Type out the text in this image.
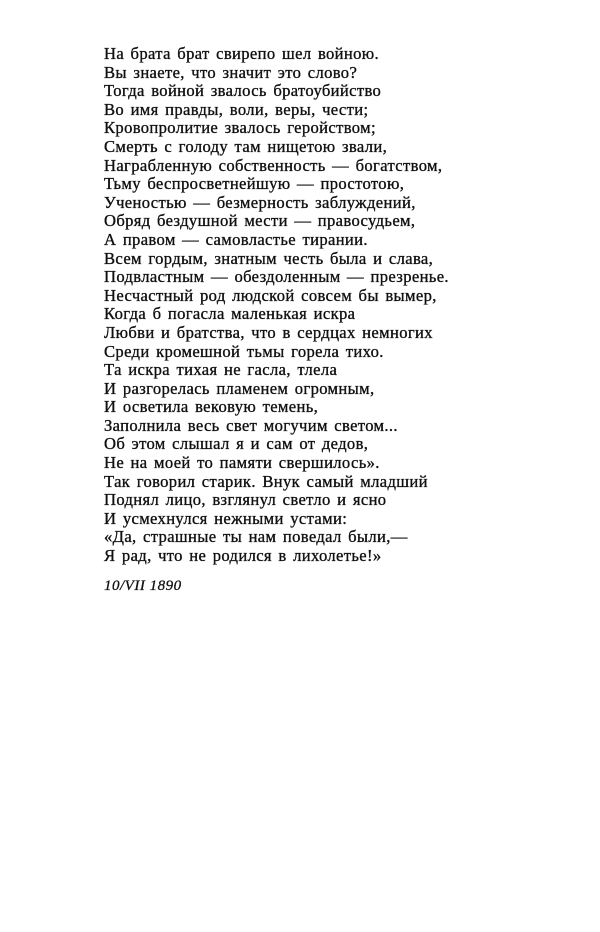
На брата брат свирепо шел войною.
Вы знаете, что значит это слово?
Тогда войной звалось братоубийство
Во имя правды, воли, веры, чести;
Кровопролитие звалось геройством;
Смерть с голоду там нищетою звали,
Награбленную собственность — богатством,
Тьму беспросветнейшую — простотою,
Ученостью — безмерность заблуждений,
Обряд бездушной мести — правосудьем,
А правом — самовластье тирании.
Всем гордым, знатным честь была и слава,
Подвластным — обездоленным — презренье.
Несчастный род людской совсем бы вымер,
Когда б погасла маленькая искра
Любви и братства, что в сердцах немногих
Среди кромешной тьмы горела тихо.
Та искра тихая не гасла, тлела
И разгорелась пламенем огромным,
И осветила вековую темень,
Заполнила весь свет могучим светом...
Об этом слышал я и сам от дедов,
Не на моей то памяти свершилось».
Так говорил старик. Внук самый младший
Поднял лицо, взглянул светло и ясно
И усмехнулся нежными устами:
«Да, страшные ты нам поведал были,—
Я рад, что не родился в лихолетье!»
10/VII 1890
